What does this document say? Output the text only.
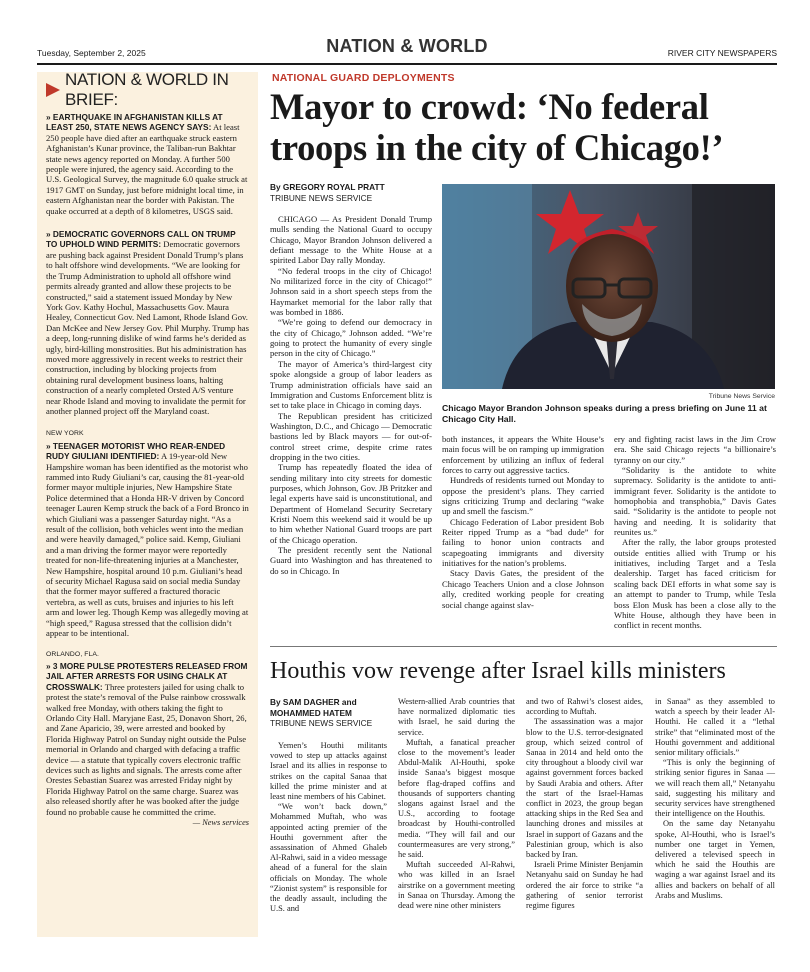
Tuesday, September 2, 2025	NATION & WORLD	RIVER CITY NEWSPAPERS
NATION & WORLD IN BRIEF:
» EARTHQUAKE IN AFGHANISTAN KILLS AT LEAST 250, STATE NEWS AGENCY SAYS: At least 250 people have died after an earthquake struck eastern Afghanistan’s Kunar province, the Taliban-run Bakhtar state news agency reported on Monday. A further 500 people were injured, the agency said. According to the U.S. Geological Survey, the magnitude 6.0 quake struck at 1917 GMT on Sunday, just before midnight local time, in eastern Afghanistan near the border with Pakistan. The quake occurred at a depth of 8 kilometres, USGS said.
» DEMOCRATIC GOVERNORS CALL ON TRUMP TO UPHOLD WIND PERMITS: Democratic governors are pushing back against President Donald Trump’s plans to halt offshore wind developments. “We are looking for the Trump Administration to uphold all offshore wind permits already granted and allow these projects to be constructed,” said a statement issued Monday by New York Gov. Kathy Hochul, Massachusetts Gov. Maura Healey, Connecticut Gov. Ned Lamont, Rhode Island Gov. Dan McKee and New Jersey Gov. Phil Murphy. Trump has a deep, long-running dislike of wind farms he’s derided as ugly, bird-killing monstrosities. But his administration has moved more aggressively in recent weeks to restrict their construction, including by blocking projects from obtaining rural development business loans, halting construction of a nearly completed Orsted A/S venture near Rhode Island and moving to invalidate the permit for another planned project off the Maryland coast.
NEW YORK
» TEENAGER MOTORIST WHO REAR-ENDED RUDY GIULIANI IDENTIFIED: A 19-year-old New Hampshire woman has been identified as the motorist who rammed into Rudy Giuliani’s car, causing the 81-year-old former mayor multiple injuries, New Hampshire State Police determined that a Honda HR-V driven by Concord teenager Lauren Kemp struck the back of a Ford Bronco in which Giuliani was a passenger Saturday night. “As a result of the collision, both vehicles went into the median and were heavily damaged,” police said. Kemp, Giuliani and a man driving the former mayor were reportedly treated for non-life-threatening injuries at a Manchester, New Hampshire, hospital around 10 p.m. Giuliani’s head of security Michael Ragusa said on social media Sunday that the former mayor suffered a fractured thoracic vertebra, as well as cuts, bruises and injuries to his left arm and lower leg. Though Kemp was allegedly moving at “high speed,” Ragusa stressed that the collision didn’t appear to be intentional.
ORLANDO, FLA.
» 3 MORE PULSE PROTESTERS RELEASED FROM JAIL AFTER ARRESTS FOR USING CHALK AT CROSSWALK: Three protesters jailed for using chalk to protest the state’s removal of the Pulse rainbow crosswalk walked free Monday, with others taking the fight to Orlando City Hall. Maryjane East, 25, Donavon Short, 26, and Zane Aparicio, 39, were arrested and booked by Florida Highway Patrol on Sunday night outside the Pulse memorial in Orlando and charged with defacing a traffic device — a statute that typically covers electronic traffic devices such as lights and signals. The arrests come after Orestes Sebastian Suarez was arrested Friday night by Florida Highway Patrol on the same charge. Suarez was also released shortly after he was booked after the judge found no probable cause he committed the crime.
— News services
NATIONAL GUARD DEPLOYMENTS
Mayor to crowd: ‘No federal troops in the city of Chicago!’
By GREGORY ROYAL PRATT
TRIBUNE NEWS SERVICE
Tribune News Service
Chicago Mayor Brandon Johnson speaks during a press briefing on June 11 at Chicago City Hall.

CHICAGO — As President Donald Trump mulls sending the National Guard to occupy Chicago, Mayor Brandon Johnson delivered a defiant message to the White House at a spirited Labor Day rally Monday.

“No federal troops in the city of Chicago! No militarized force in the city of Chicago!” Johnson said in a short speech steps from the Haymarket memorial for the labor rally that was bombed in 1886.

“We’re going to defend our democracy in the city of Chicago,” Johnson added. “We’re going to protect the humanity of every single person in the city of Chicago.”

The mayor of America’s third-largest city spoke alongside a group of labor leaders as Trump administration officials have said an Immigration and Customs Enforcement blitz is set to take place in Chicago in coming days.

The Republican president has criticized Washington, D.C., and Chicago — Democratic bastions led by Black mayors — for out-of-control street crime, despite crime rates dropping in the two cities.

Trump has repeatedly floated the idea of sending military into city streets for domestic purposes, which Johnson, Gov. JB Pritzker and legal experts have said is unconstitutional, and Department of Homeland Security Secretary Kristi Noem this weekend said it would be up to him whether National Guard troops are part of the Chicago operation.

The president recently sent the National Guard into Washington and has threatened to do so in Chicago. In

both instances, it appears the White House’s main focus will be on ramping up immigration enforcement by utilizing an influx of federal forces to carry out aggressive tactics.

Hundreds of residents turned out Monday to oppose the president’s plans. They carried signs criticizing Trump and declaring “wake up and smell the fascism.”

Chicago Federation of Labor president Bob Reiter ripped Trump as a “bad dude” for failing to honor union contracts and scapegoating immigrants and diversity initiatives for the nation’s problems.

Stacy Davis Gates, the president of the Chicago Teachers Union and a close Johnson ally, credited working people for creating social change against slav-

ery and fighting racist laws in the Jim Crow era. She said Chicago rejects “a billionaire’s tyranny on our city.”

“Solidarity is the antidote to white supremacy. Solidarity is the antidote to anti-immigrant fever. Solidarity is the antidote to homophobia and transphobia,” Davis Gates said. “Solidarity is the antidote to people not having and needing. It is solidarity that reunites us.”

After the rally, the labor groups protested outside entities allied with Trump or his initiatives, including Target and a Tesla dealership. Target has faced criticism for scaling back DEI efforts in what some say is an attempt to pander to Trump, while Tesla boss Elon Musk has been a close ally to the White House, although they have been in conflict in recent months.

Houthis vow revenge after Israel kills ministers
By SAM DAGHER and MOHAMMED HATEM
TRIBUNE NEWS SERVICE

Yemen’s Houthi militants vowed to step up attacks against Israel and its allies in response to strikes on the capital Sanaa that killed the prime minister and at least nine members of his Cabinet.

“We won’t back down,” Mohammed Muftah, who was appointed acting premier of the Houthi government after the assassination of Ahmed Ghaleb Al-Rahwi, said in a video message ahead of a funeral for the slain officials on Monday. The whole “Zionist system” is responsible for the deadly assault, including the U.S. and

Western-allied Arab countries that have normalized diplomatic ties with Israel, he said during the service.

Muftah, a fanatical preacher close to the movement’s leader Abdul-Malik Al-Houthi, spoke inside Sanaa’s biggest mosque before flag-draped coffins and thousands of supporters chanting slogans against Israel and the U.S., according to footage broadcast by Houthi-controlled media. “They will fail and our countermeasures are very strong,” he said.

Muftah succeeded Al-Rahwi, who was killed in an Israel airstrike on a government meeting in Sanaa on Thursday. Among the dead were nine other ministers

and two of Rahwi’s closest aides, according to Muftah.

The assassination was a major blow to the U.S. terror-designated group, which seized control of Sanaa in 2014 and held onto the city throughout a bloody civil war against government forces backed by Saudi Arabia and others. After the start of the Israel-Hamas conflict in 2023, the group began attacking ships in the Red Sea and launching drones and missiles at Israel in support of Gazans and the Palestinian group, which is also backed by Iran.

Israeli Prime Minister Benjamin Netanyahu said on Sunday he had ordered the air force to strike “a gathering of senior terrorist regime figures

in Sanaa” as they assembled to watch a speech by their leader Al-Houthi. He called it a “lethal strike” that “eliminated most of the Houthi government and additional senior military officials.”

“This is only the beginning of striking senior figures in Sanaa — we will reach them all,” Netanyahu said, suggesting his military and security services have strengthened their intelligence on the Houthis.

On the same day Netanyahu spoke, Al-Houthi, who is Israel’s number one target in Yemen, delivered a televised speech in which he said the Houthis are waging a war against Israel and its allies and backers on behalf of all Arabs and Muslims.
